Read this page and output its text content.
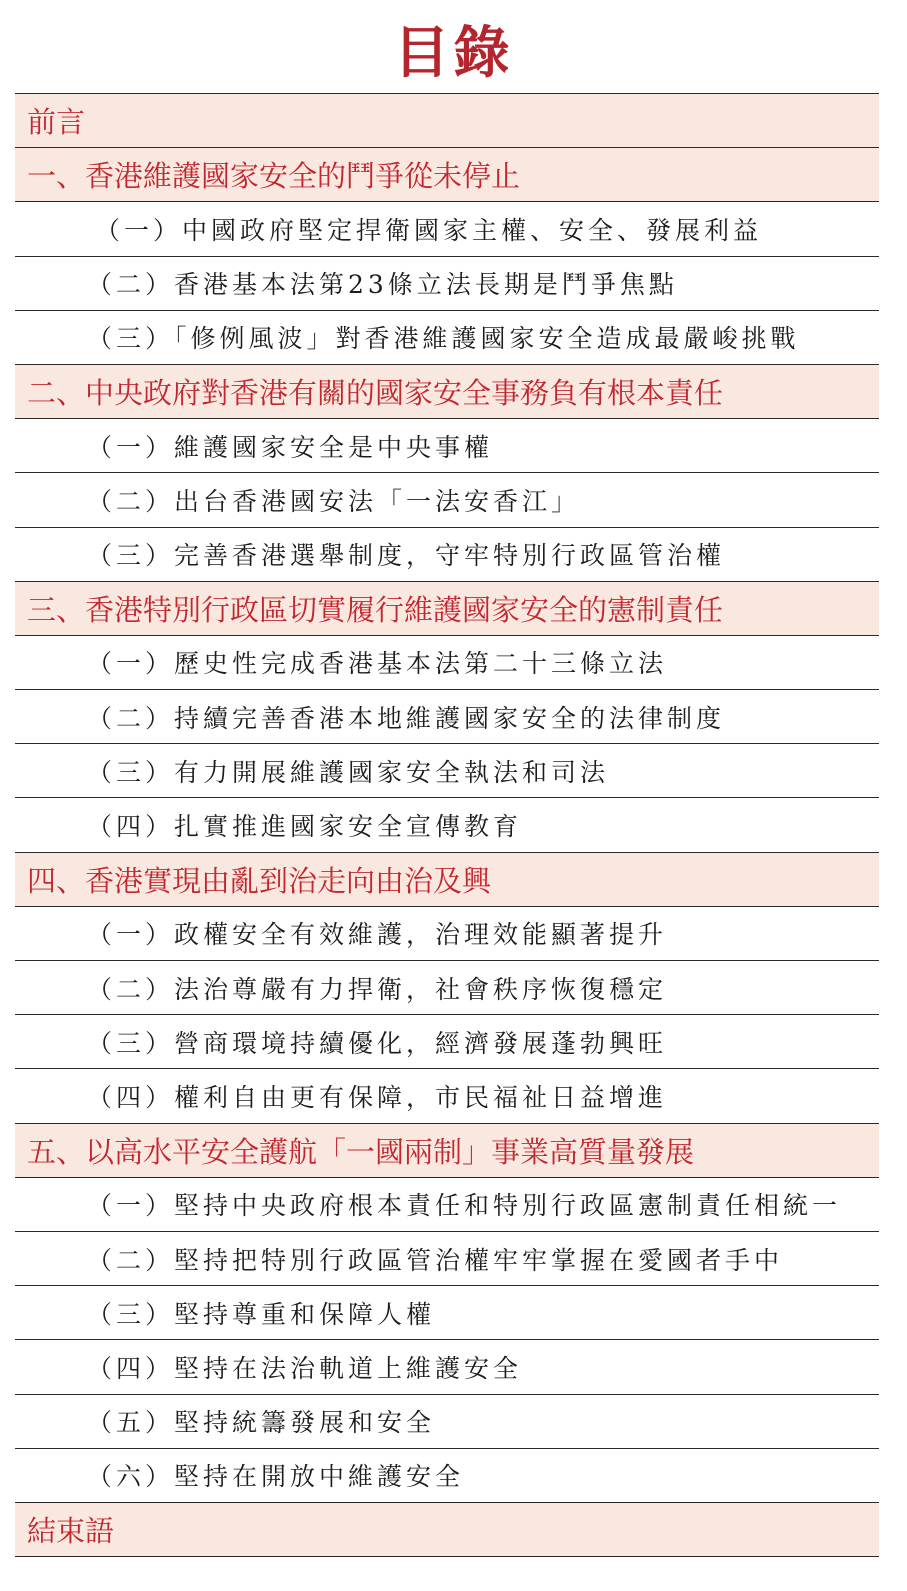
目錄
前言
一、香港維護國家安全的鬥爭從未停止
（一）中國政府堅定捍衛國家主權、安全、發展利益
（二）香港基本法第23條立法長期是鬥爭焦點
（三）「修例風波」對香港維護國家安全造成最嚴峻挑戰
二、中央政府對香港有關的國家安全事務負有根本責任
（一）維護國家安全是中央事權
（二）出台香港國安法「一法安香江」
（三）完善香港選舉制度，守牢特別行政區管治權
三、香港特別行政區切實履行維護國家安全的憲制責任
（一）歷史性完成香港基本法第二十三條立法
（二）持續完善香港本地維護國家安全的法律制度
（三）有力開展維護國家安全執法和司法
（四）扎實推進國家安全宣傳教育
四、香港實現由亂到治走向由治及興
（一）政權安全有效維護，治理效能顯著提升
（二）法治尊嚴有力捍衛，社會秩序恢復穩定
（三）營商環境持續優化，經濟發展蓬勃興旺
（四）權利自由更有保障，市民福祉日益增進
五、以高水平安全護航「一國兩制」事業高質量發展
（一）堅持中央政府根本責任和特別行政區憲制責任相統一
（二）堅持把特別行政區管治權牢牢掌握在愛國者手中
（三）堅持尊重和保障人權
（四）堅持在法治軌道上維護安全
（五）堅持統籌發展和安全
（六）堅持在開放中維護安全
結束語
